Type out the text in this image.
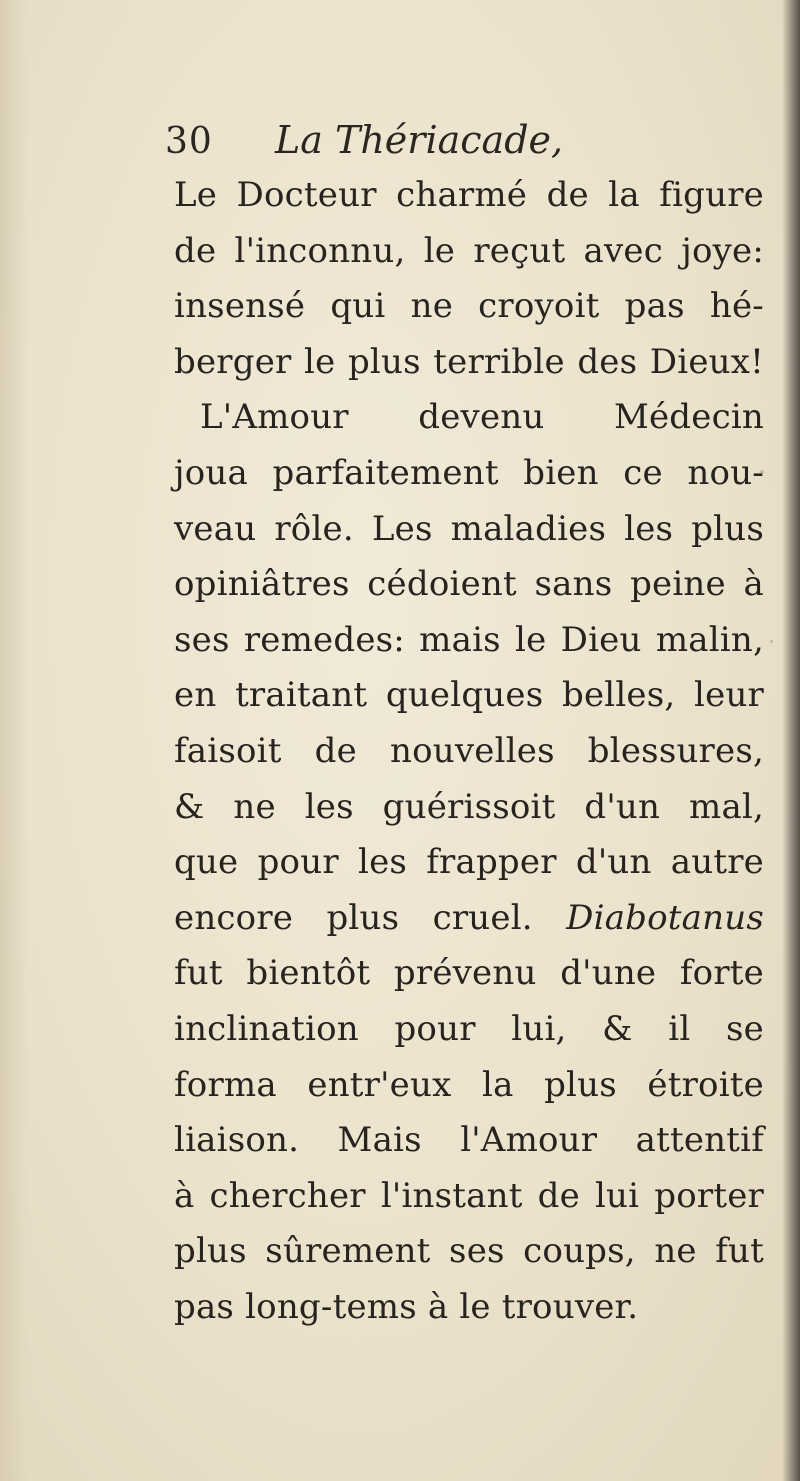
30 La Thériacade,
Le Docteur charmé de la figure
de l'inconnu, le reçut avec joye:
insensé qui ne croyoit pas hé-
berger le plus terrible des Dieux!
L'Amour devenu Médecin
joua parfaitement bien ce nou-
veau rôle. Les maladies les plus
opiniâtres cédoient sans peine à
ses remedes: mais le Dieu malin,
en traitant quelques belles, leur
faisoit de nouvelles blessures,
& ne les guérissoit d'un mal,
que pour les frapper d'un autre
encore plus cruel. Diabotanus
fut bientôt prévenu d'une forte
inclination pour lui, & il se
forma entr'eux la plus étroite
liaison. Mais l'Amour attentif
à chercher l'instant de lui porter
plus sûrement ses coups, ne fut
pas long-tems à le trouver.
